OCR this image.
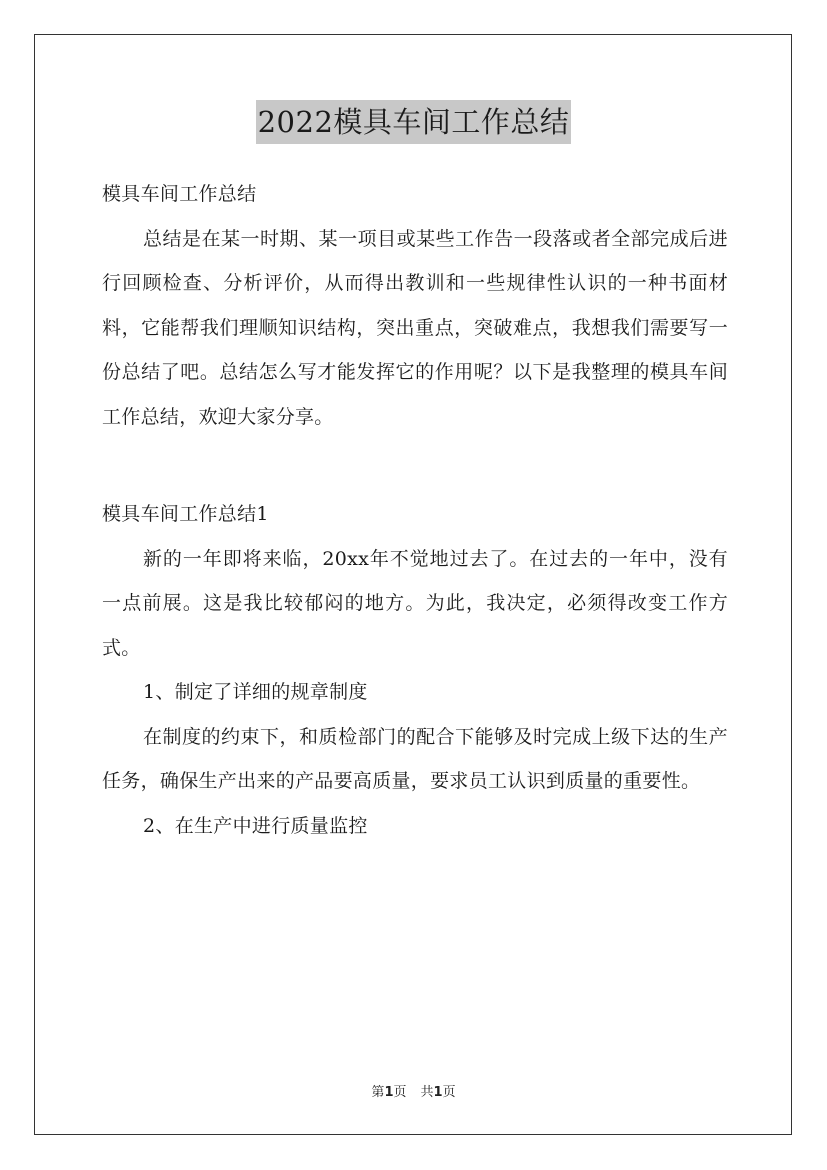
2022模具车间工作总结

模具车间工作总结

总结是在某一时期、某一项目或某些工作告一段落或者全部完成后进行回顾检查、分析评价，从而得出教训和一些规律性认识的一种书面材料，它能帮我们理顺知识结构，突出重点，突破难点，我想我们需要写一份总结了吧。总结怎么写才能发挥它的作用呢？以下是我整理的模具车间工作总结，欢迎大家分享。

模具车间工作总结1

新的一年即将来临，20xx年不觉地过去了。在过去的一年中，没有一点前展。这是我比较郁闷的地方。为此，我决定，必须得改变工作方式。

1、制定了详细的规章制度

在制度的约束下，和质检部门的配合下能够及时完成上级下达的生产任务，确保生产出来的产品要高质量，要求员工认识到质量的重要性。

2、在生产中进行质量监控

第1页 共1页
